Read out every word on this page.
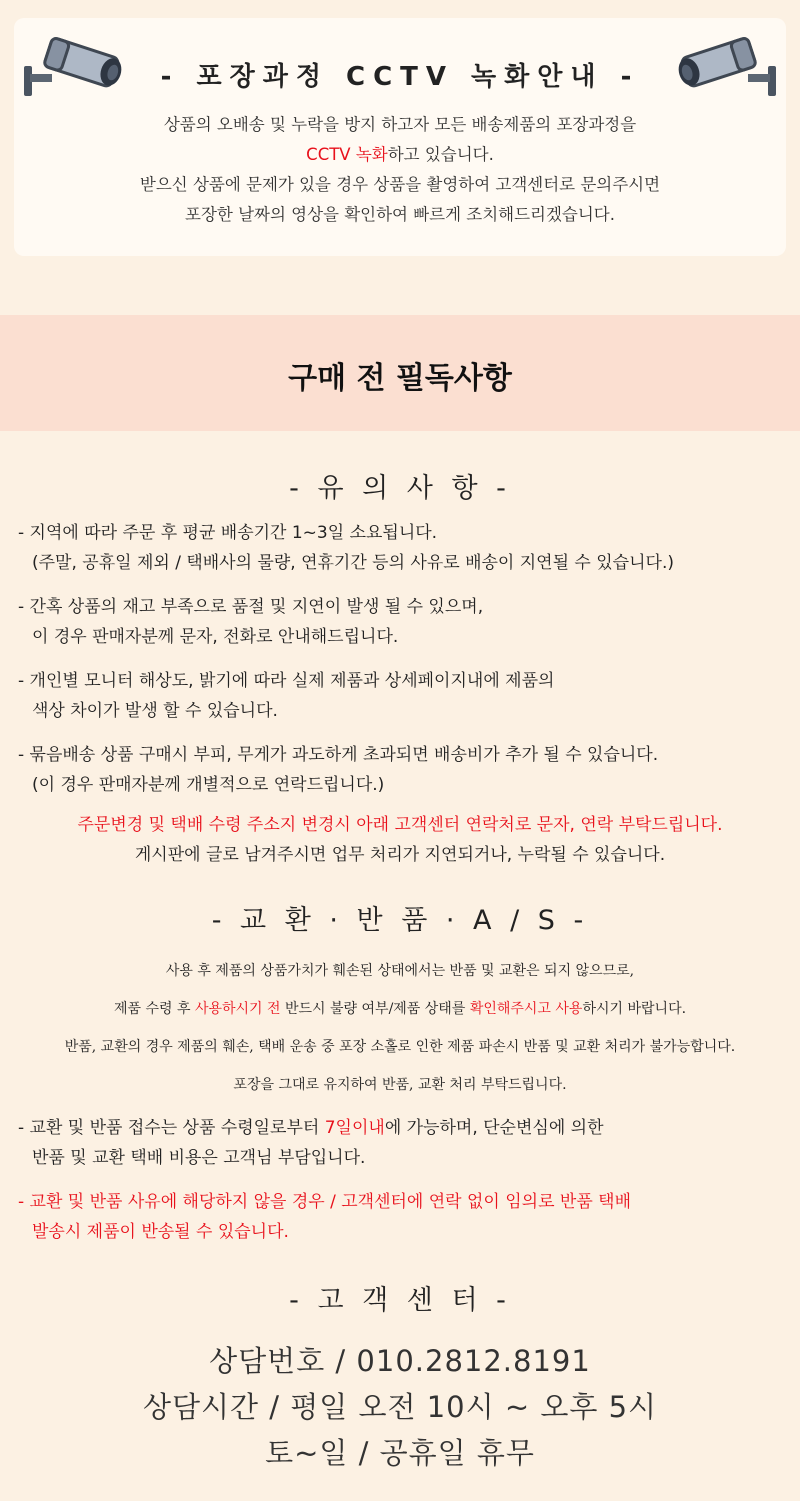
- 포장과정 CCTV 녹화안내 -
상품의 오배송 및 누락을 방지 하고자 모든 배송제품의 포장과정을
CCTV 녹화하고 있습니다.
받으신 상품에 문제가 있을 경우 상품을 촬영하여 고객센터로 문의주시면
포장한 날짜의 영상을 확인하여 빠르게 조치해드리겠습니다.
구매 전 필독사항
- 유 의 사 항 -
- 지역에 따라 주문 후 평균 배송기간 1~3일 소요됩니다.
(주말, 공휴일 제외 / 택배사의 물량, 연휴기간 등의 사유로 배송이 지연될 수 있습니다.)
- 간혹 상품의 재고 부족으로 품절 및 지연이 발생 될 수 있으며,
이 경우 판매자분께 문자, 전화로 안내해드립니다.
- 개인별 모니터 해상도, 밝기에 따라 실제 제품과 상세페이지내에 제품의
색상 차이가 발생 할 수 있습니다.
- 묶음배송 상품 구매시 부피, 무게가 과도하게 초과되면 배송비가 추가 될 수 있습니다.
(이 경우 판매자분께 개별적으로 연락드립니다.)
주문변경 및 택배 수령 주소지 변경시 아래 고객센터 연락처로 문자, 연락 부탁드립니다.
게시판에 글로 남겨주시면 업무 처리가 지연되거나, 누락될 수 있습니다.
- 교 환 · 반 품 · A / S -
사용 후 제품의 상품가치가 훼손된 상태에서는 반품 및 교환은 되지 않으므로,
제품 수령 후 사용하시기 전 반드시 불량 여부/제품 상태를 확인해주시고 사용하시기 바랍니다.
반품, 교환의 경우 제품의 훼손, 택배 운송 중 포장 소홀로 인한 제품 파손시 반품 및 교환 처리가 불가능합니다.
포장을 그대로 유지하여 반품, 교환 처리 부탁드립니다.
- 교환 및 반품 접수는 상품 수령일로부터 7일이내에 가능하며, 단순변심에 의한
반품 및 교환 택배 비용은 고객님 부담입니다.
- 교환 및 반품 사유에 해당하지 않을 경우 / 고객센터에 연락 없이 임의로 반품 택배
발송시 제품이 반송될 수 있습니다.
- 고 객 센 터 -
상담번호 / 010.2812.8191
상담시간 / 평일 오전 10시 ~ 오후 5시
토~일 / 공휴일 휴무
